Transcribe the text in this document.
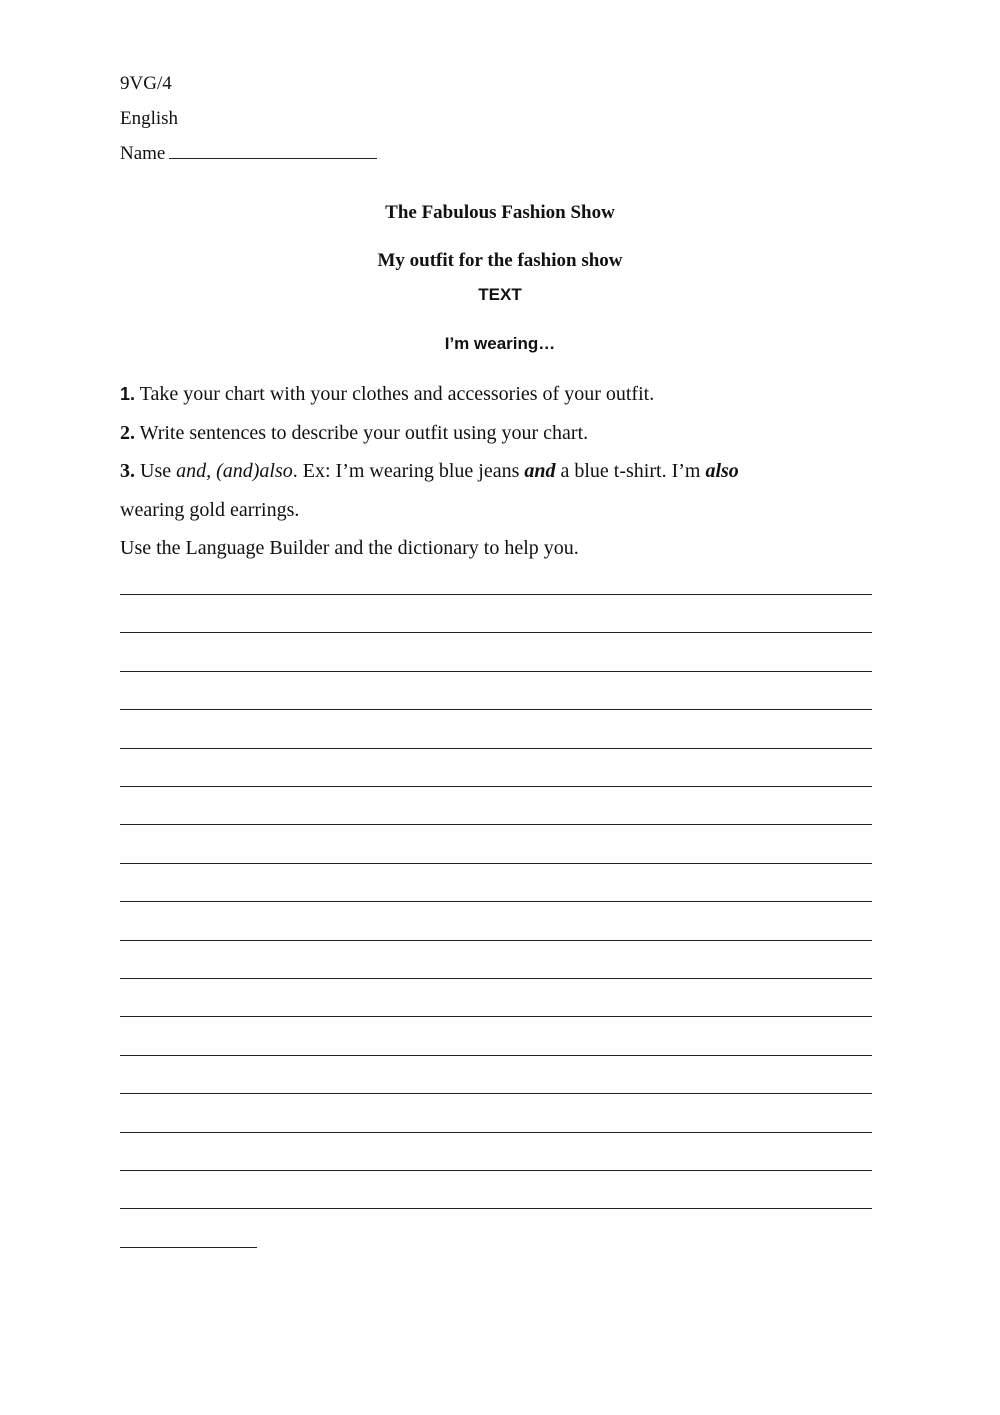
9VG/4
English
Name
The Fabulous Fashion Show
My outfit for the fashion show
TEXT
I’m wearing…
1. Take your chart with your clothes and accessories of your outfit.
2. Write sentences to describe your outfit using your chart.
3. Use and, (and)also. Ex: I’m wearing blue jeans and a blue t-shirt. I’m also
wearing gold earrings.
Use the Language Builder and the dictionary to help you.
